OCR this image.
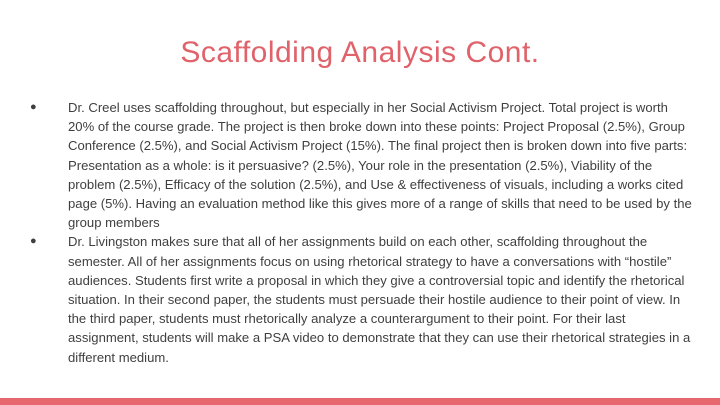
Scaffolding Analysis Cont.
● Dr. Creel uses scaffolding throughout, but especially in her Social Activism Project. Total project is worth 20% of the course grade. The project is then broke down into these points: Project Proposal (2.5%), Group Conference (2.5%), and Social Activism Project (15%). The final project then is broken down into five parts: Presentation as a whole: is it persuasive? (2.5%), Your role in the presentation (2.5%), Viability of the problem (2.5%), Efficacy of the solution (2.5%), and Use & effectiveness of visuals, including a works cited page (5%). Having an evaluation method like this gives more of a range of skills that need to be used by the group members
● Dr. Livingston makes sure that all of her assignments build on each other, scaffolding throughout the semester. All of her assignments focus on using rhetorical strategy to have a conversations with “hostile” audiences. Students first write a proposal in which they give a controversial topic and identify the rhetorical situation. In their second paper, the students must persuade their hostile audience to their point of view. In the third paper, students must rhetorically analyze a counterargument to their point. For their last assignment, students will make a PSA video to demonstrate that they can use their rhetorical strategies in a different medium.
